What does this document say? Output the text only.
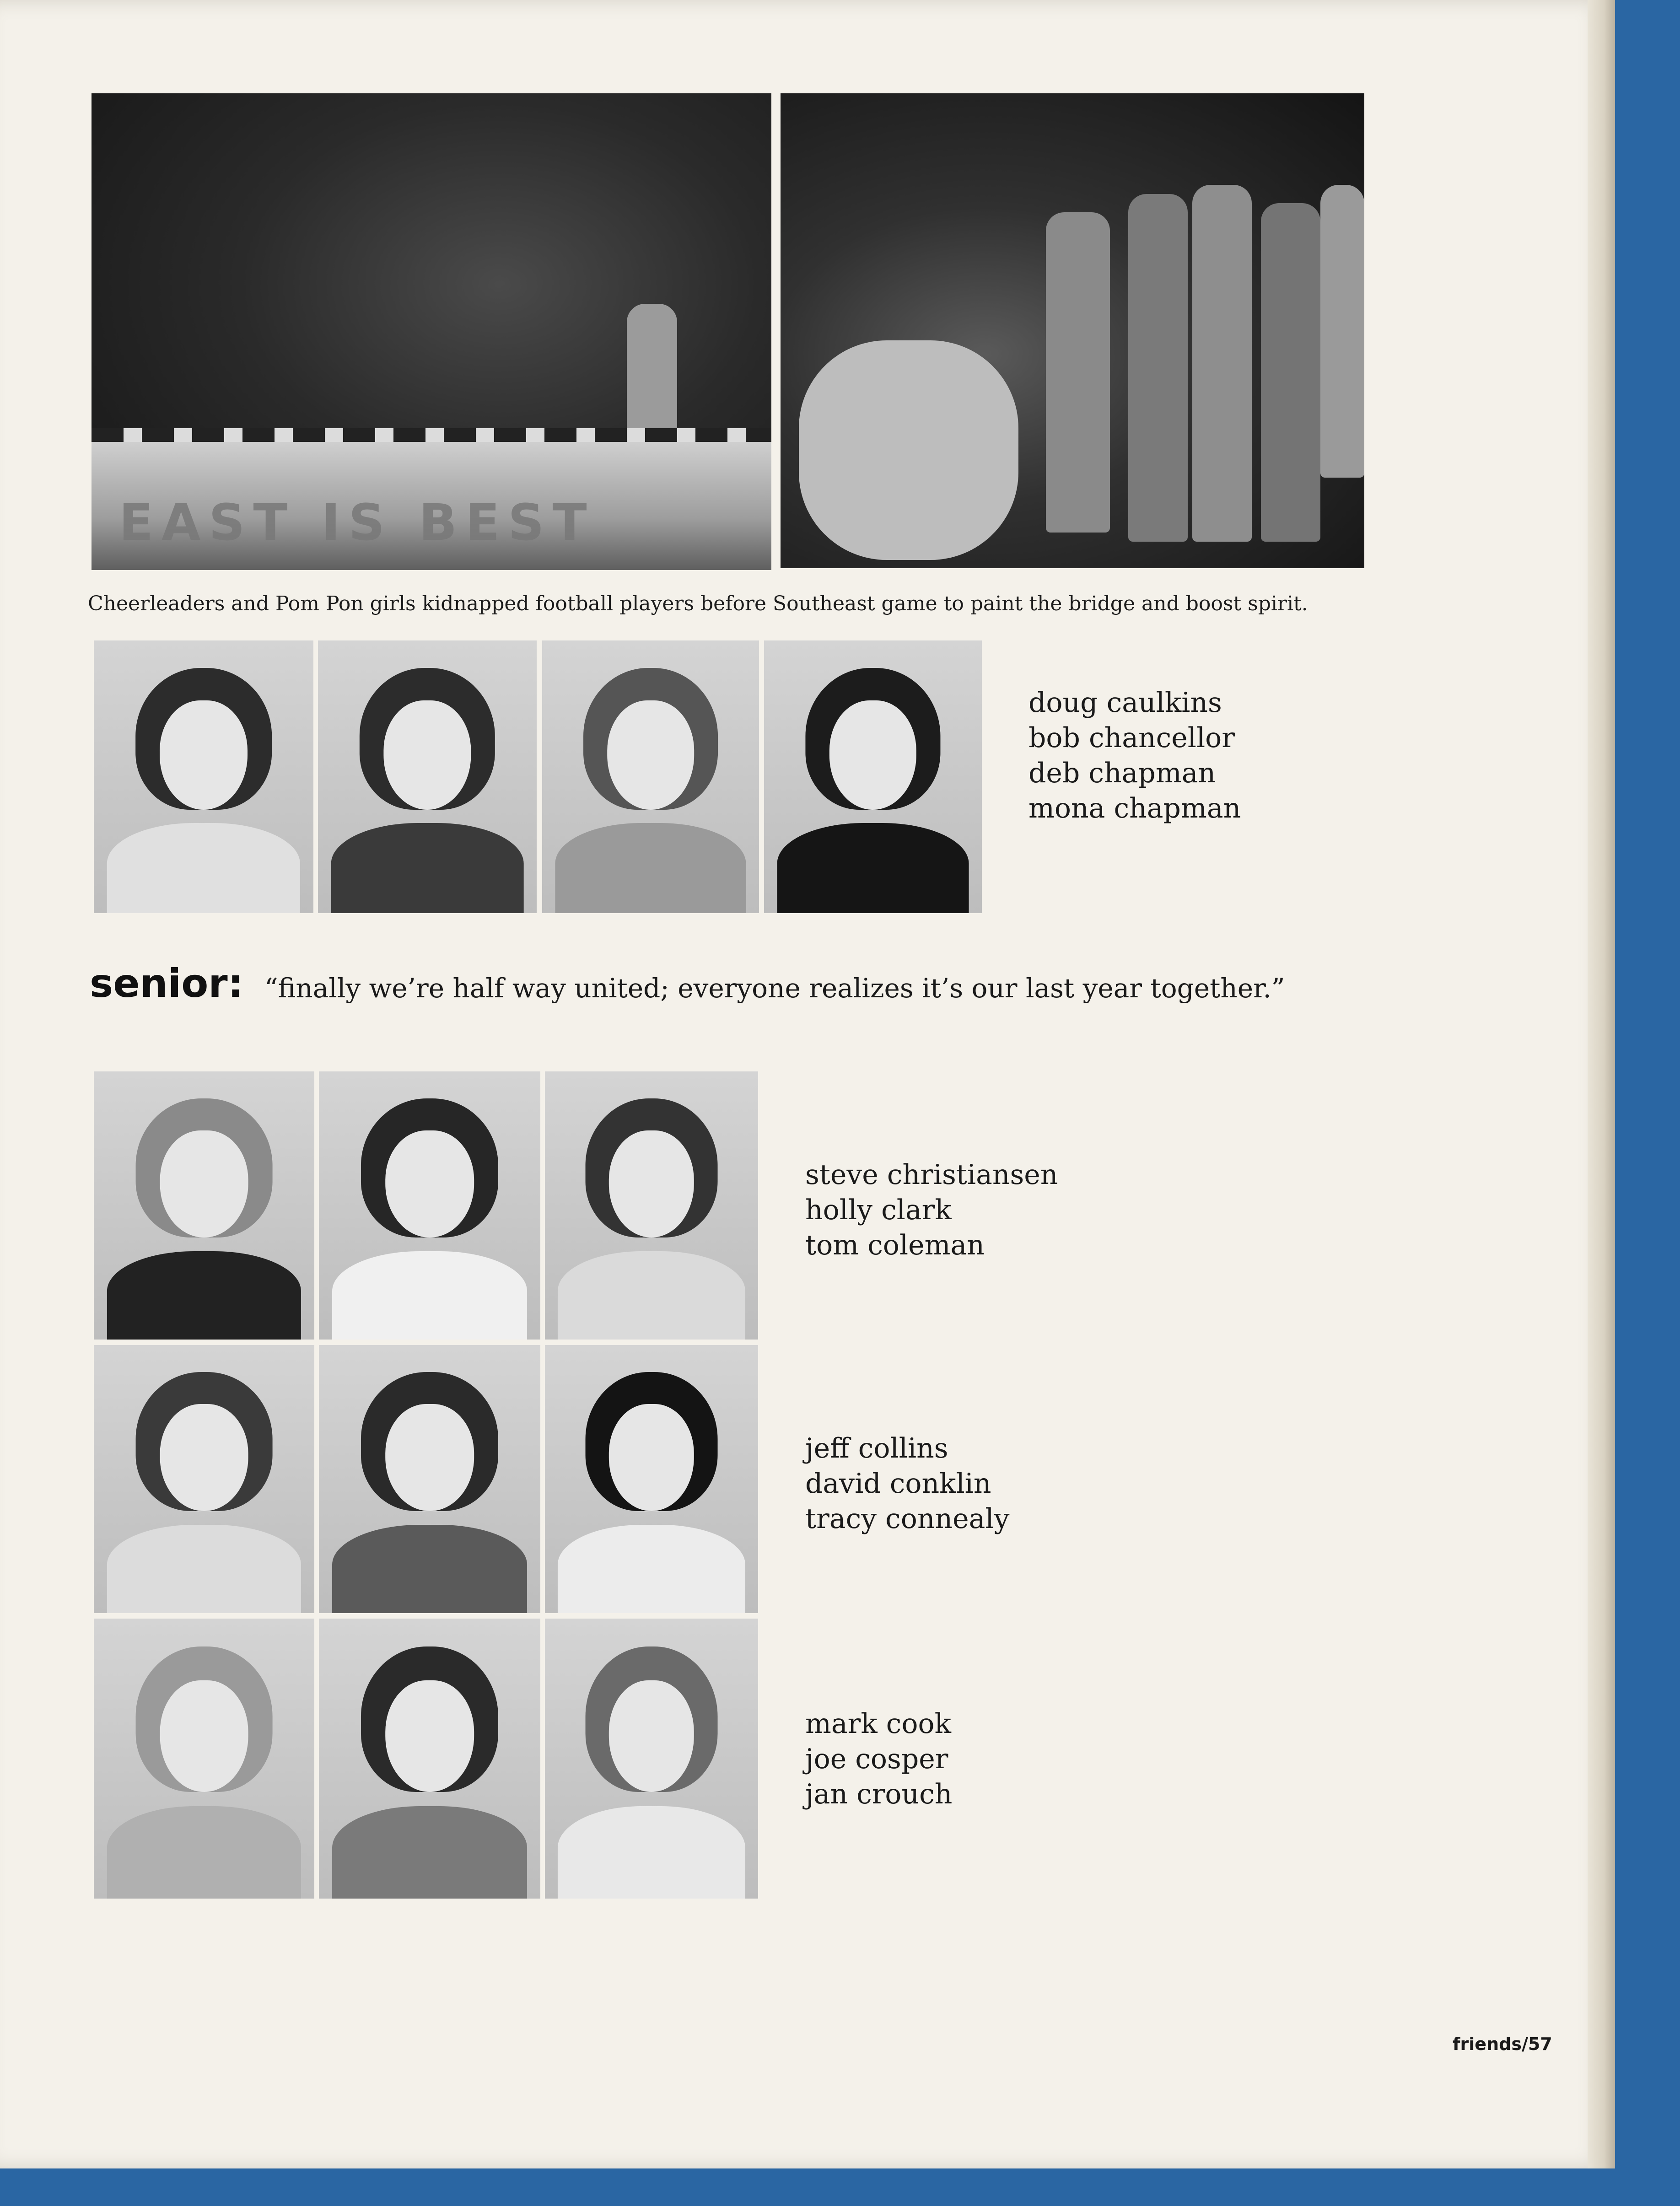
EAST IS BEST
Cheerleaders and Pom Pon girls kidnapped football players before Southeast game to paint the bridge and boost spirit.
doug caulkins
bob chancellor
deb chapman
mona chapman
senior: “finally we’re half way united; everyone realizes it’s our last year together.”
steve christiansen
holly clark
tom coleman
jeff collins
david conklin
tracy connealy
mark cook
joe cosper
jan crouch
friends/57
